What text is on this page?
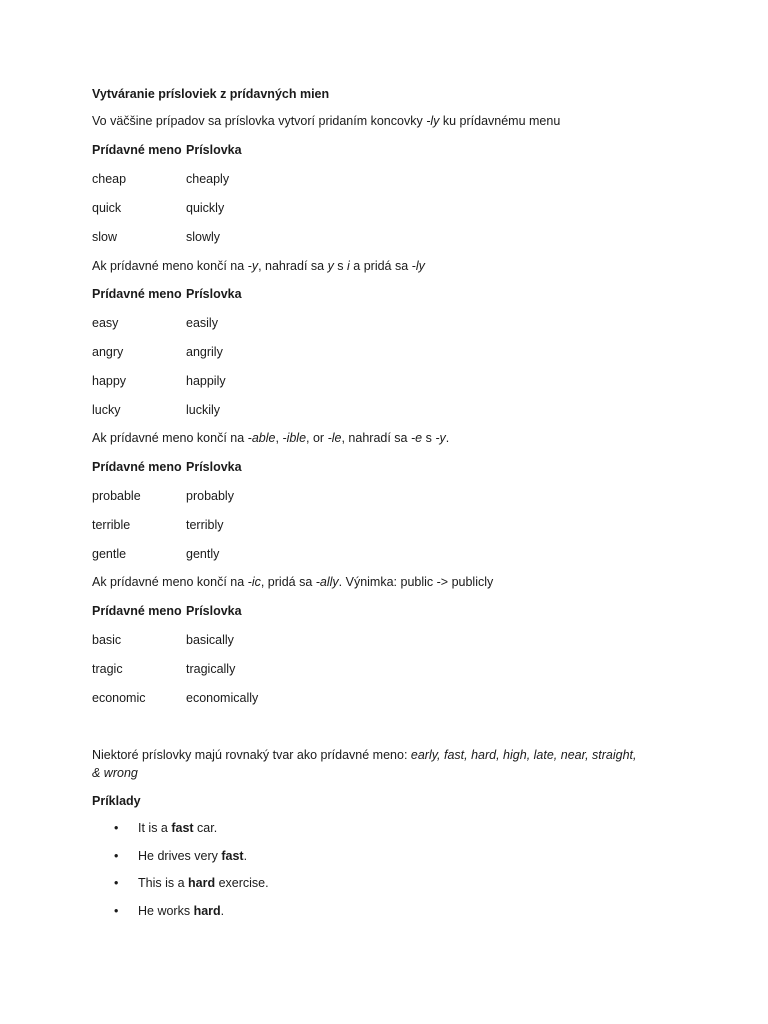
Vytváranie prísloviek z prídavných mien
Vo väčšine prípadov sa príslovka vytvorí pridaním koncovky -ly ku prídavnému menu
Prídavné meno Príslovka
cheap	cheaply
quick	quickly
slow	slowly
Ak prídavné meno končí na -y, nahradí sa y s i a pridá sa -ly
Prídavné meno Príslovka
easy	easily
angry	angrily
happy	happily
lucky	luckily
Ak prídavné meno končí na -able, -ible, or -le, nahradí sa -e s -y.
Prídavné meno Príslovka
probable	probably
terrible	terribly
gentle	gently
Ak prídavné meno končí na -ic, pridá sa -ally. Výnimka: public -> publicly
Prídavné meno Príslovka
basic	basically
tragic	tragically
economic	economically
Niektoré príslovky majú rovnaký tvar ako prídavné meno: early, fast, hard, high, late, near, straight,
& wrong
Príklady
• It is a fast car.
• He drives very fast.
• This is a hard exercise.
• He works hard.
